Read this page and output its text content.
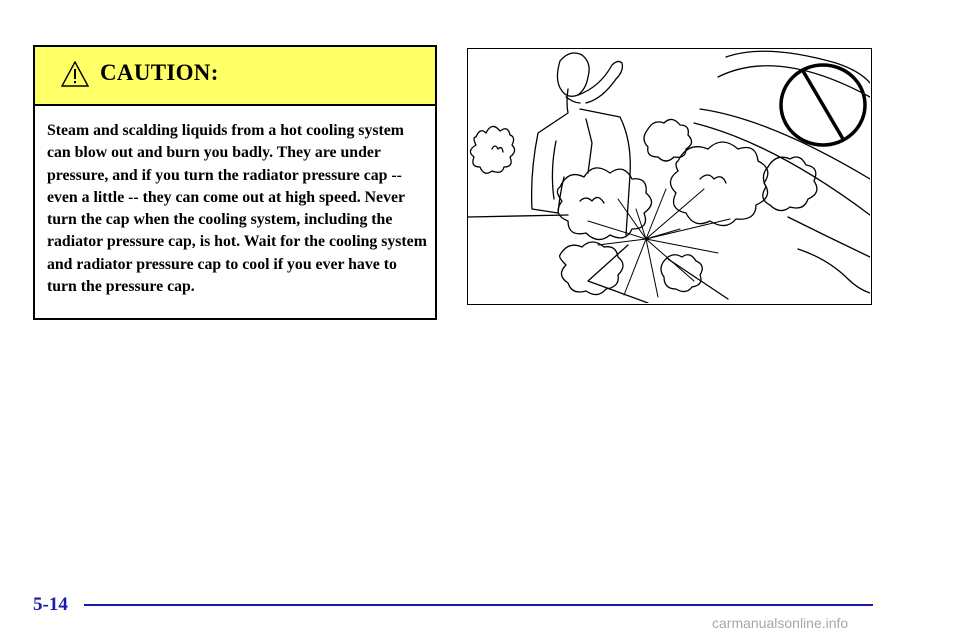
CAUTION:
Steam and scalding liquids from a hot cooling system can blow out and burn you badly. They are under pressure, and if you turn the radiator pressure cap -- even a little -- they can come out at high speed. Never turn the cap when the cooling system, including the radiator pressure cap, is hot. Wait for the cooling system and radiator pressure cap to cool if you ever have to turn the pressure cap.
5-14
carmanualsonline.info
